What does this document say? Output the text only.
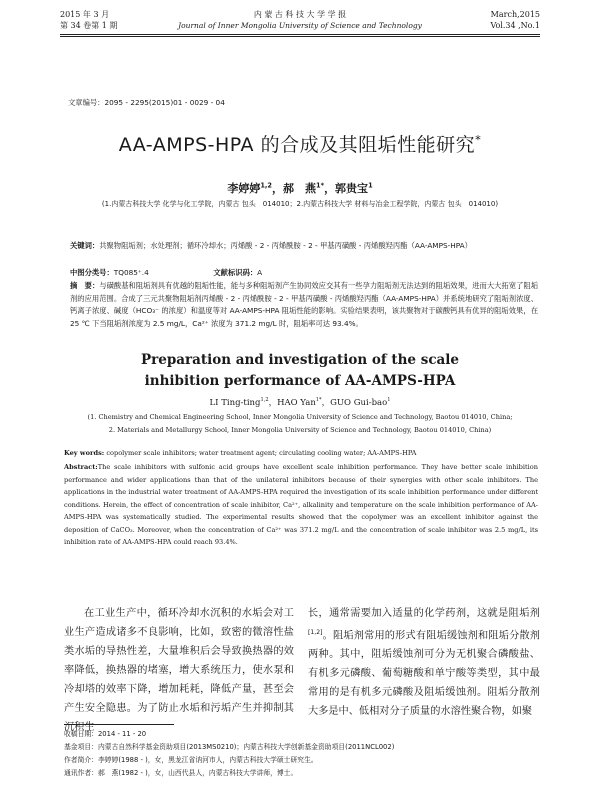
2015 年 3 月
第 34 卷第 1 期
内 蒙 古 科 技 大 学 学 报
Journal of Inner Mongolia University of Science and Technology
March,2015
Vol.34 ,No.1
文章编号：2095 - 2295(2015)01 - 0029 - 04
AA-AMPS-HPA 的合成及其阻垢性能研究*
李婷婷$^{1,2}$，郝　燕$^{1*}$，郭贵宝$^1$
(1.内蒙古科技大学 化学与化工学院，内蒙古 包头　014010；2.内蒙古科技大学 材料与冶金工程学院，内蒙古 包头　014010)
关键词：共聚物阻垢剂；水处理剂；循环冷却水；丙烯酸 - 2 - 丙烯酰胺 - 2 - 甲基丙磺酸 - 丙烯酸羟丙酯（AA-AMPS-HPA）
中图分类号：TQ085⁺.4	文献标识码：A
摘　要：与磺酸基和阻垢剂具有优越的阻垢性能，能与多种阻垢剂产生协同效应交其有一些孕力阻垢剂无法达到的阻垢效果，进而大大拓宽了阻垢剂的应用范围。合成了三元共聚物阻垢剂丙烯酸 - 2 - 丙烯酰胺 - 2 - 甲基丙磺酸 - 丙烯酸羟丙酯（AA-AMPS-HPA）并系统地研究了阻垢剂浓度、钙离子浓度、碱度（HCO₃⁻ 的浓度）和温度等对 AA-AMPS-HPA 阻垢性能的影响。实验结果表明，该共聚物对于碳酸钙具有优异的阻垢效果，在 25 ℃ 下当阻垢剂浓度为 2.5 mg/L，Ca²⁺ 浓度为 371.2 mg/L 时，阻垢率可达 93.4%。
Preparation and investigation of the scale
inhibition performance of AA-AMPS-HPA
LI Ting-ting$^{1,2}$，HAO Yan$^{1*}$，GUO Gui-bao$^1$
(1. Chemistry and Chemical Engineering School, Inner Mongolia University of Science and Technology, Baotou 014010, China;
2. Materials and Metallurgy School, Inner Mongolia University of Science and Technology, Baotou 014010, China)
Key words: copolymer scale inhibitors; water treatment agent; circulating cooling water; AA-AMPS-HPA
Abstract:The scale inhibitors with sulfonic acid groups have excellent scale inhibition performance. They have better scale inhibition performance and wider applications than that of the unilateral inhibitors because of their synergies with other scale inhibitors. The applications in the industrial water treatment of AA-AMPS-HPA required the investigation of its scale inhibition performance under different conditions. Herein, the effect of concentration of scale inhibitor, Ca²⁺, alkalinity and temperature on the scale inhibition performance of AA-AMPS-HPA was systematically studied. The experimental results showed that the copolymer was an excellent inhibitor against the deposition of CaCO₃. Moreover, when the concentration of Ca²⁺ was 371.2 mg/L and the concentration of scale inhibitor was 2.5 mg/L, its inhibition rate of AA-AMPS-HPA could reach 93.4%.
在工业生产中，循环冷却水沉积的水垢会对工业生产造成诸多不良影响，比如，致密的微溶性盐类水垢的导热性差，大量堆积后会导致换热器的效率降低，换热器的堵塞，增大系统压力，使水泵和冷却塔的效率下降，增加耗耗，降低产量，甚至会产生安全隐患。为了防止水垢和污垢产生并抑制其沉积生
长，通常需要加入适量的化学药剂，这就是阻垢剂[1,2]。阻垢剂常用的形式有阻垢缓蚀剂和阻垢分散剂两种。其中，阻垢缓蚀剂可分为无机聚合磷酸盐、有机多元磷酸、葡萄糖酸和单宁酸等类型，其中最常用的是有机多元磷酸及阻垢缓蚀剂。阻垢分散剂大多是中、低相对分子质量的水溶性聚合物，如聚
收稿日期：2014 - 11 - 20
基金项目：内蒙古自然科学基金资助项目(2013MS0210)；内蒙古科技大学创新基金资助项目(2011NCL002)
作者简介：李婷婷(1988 - )，女，黑龙江省讷河市人，内蒙古科技大学硕士研究生。
通讯作者：郝　燕(1982 - )，女，山西代县人，内蒙古科技大学讲师，博士。
